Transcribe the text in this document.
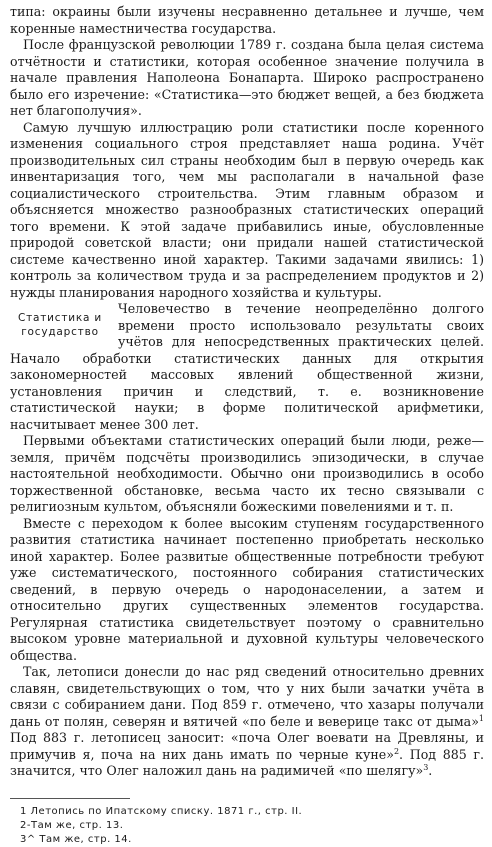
типа: окраины были изучены несравненно детальнее и лучше, чем коренные наместничества государства.

После французской революции 1789 г. создана была целая система отчётности и статистики, которая особенное значение получила в начале правления Наполеона Бонапарта. Широко распространено было его изречение: «Статистика—это бюджет вещей, а без бюджета нет благополучия».

Самую лучшую иллюстрацию роли статистики после коренного изменения социального строя представляет наша родина. Учёт производительных сил страны необходим был в первую очередь как инвентаризация того, чем мы располагали в начальной фазе социалистического строительства. Этим главным образом и объясняется множество разнообразных статистических операций того времени. К этой задаче прибавились иные, обусловленные природой советской власти; они придали нашей статистической системе качественно иной характер. Такими задачами явились: 1) контроль за количеством труда и за распределением продуктов и 2) нужды планирования народного хозяйства и культуры.

Статистика и государство

Человечество в течение неопределённо долгого времени просто использовало результаты своих учётов для непосредственных практических целей. Начало обработки статистических данных для открытия закономерностей массовых явлений общественной жизни, установления причин и следствий, т. е. возникновение статистической науки; в форме политической арифметики, насчитывает менее 300 лет.

Первыми объектами статистических операций были люди, реже—земля, причём подсчёты производились эпизодически, в случае настоятельной необходимости. Обычно они производились в особо торжественной обстановке, весьма часто их тесно связывали с религиозным культом, объясняли божескими повелениями и т. п.

Вместе с переходом к более высоким ступеням государственного развития статистика начинает постепенно приобретать несколько иной характер. Более развитые общественные потребности требуют уже систематического, постоянного собирания статистических сведений, в первую очередь о народонаселении, а затем и относительно других существенных элементов государства. Регулярная статистика свидетельствует поэтому о сравнительно высоком уровне материальной и духовной культуры человеческого общества.

Так, летописи донесли до нас ряд сведений относительно древних славян, свидетельствующих о том, что у них были зачатки учёта в связи с собиранием дани. Под 859 г. отмечено, что хазары получали дань от полян, северян и вятичей «по беле и веверице такс от дыма»$^1$ Под 883 г. летописец заносит: «поча Олег воевати на Древляны, и примучив я, поча на них дань имать по черные куне»$^2$. Под 885 г. значится, что Олег наложил дань на радимичей «по шелягу»$^3$.

1 Летопись по Ипатскому списку. 1871 г., стр. II.
2-Там же, стр. 13.
3^ Там же, стр. 14.
